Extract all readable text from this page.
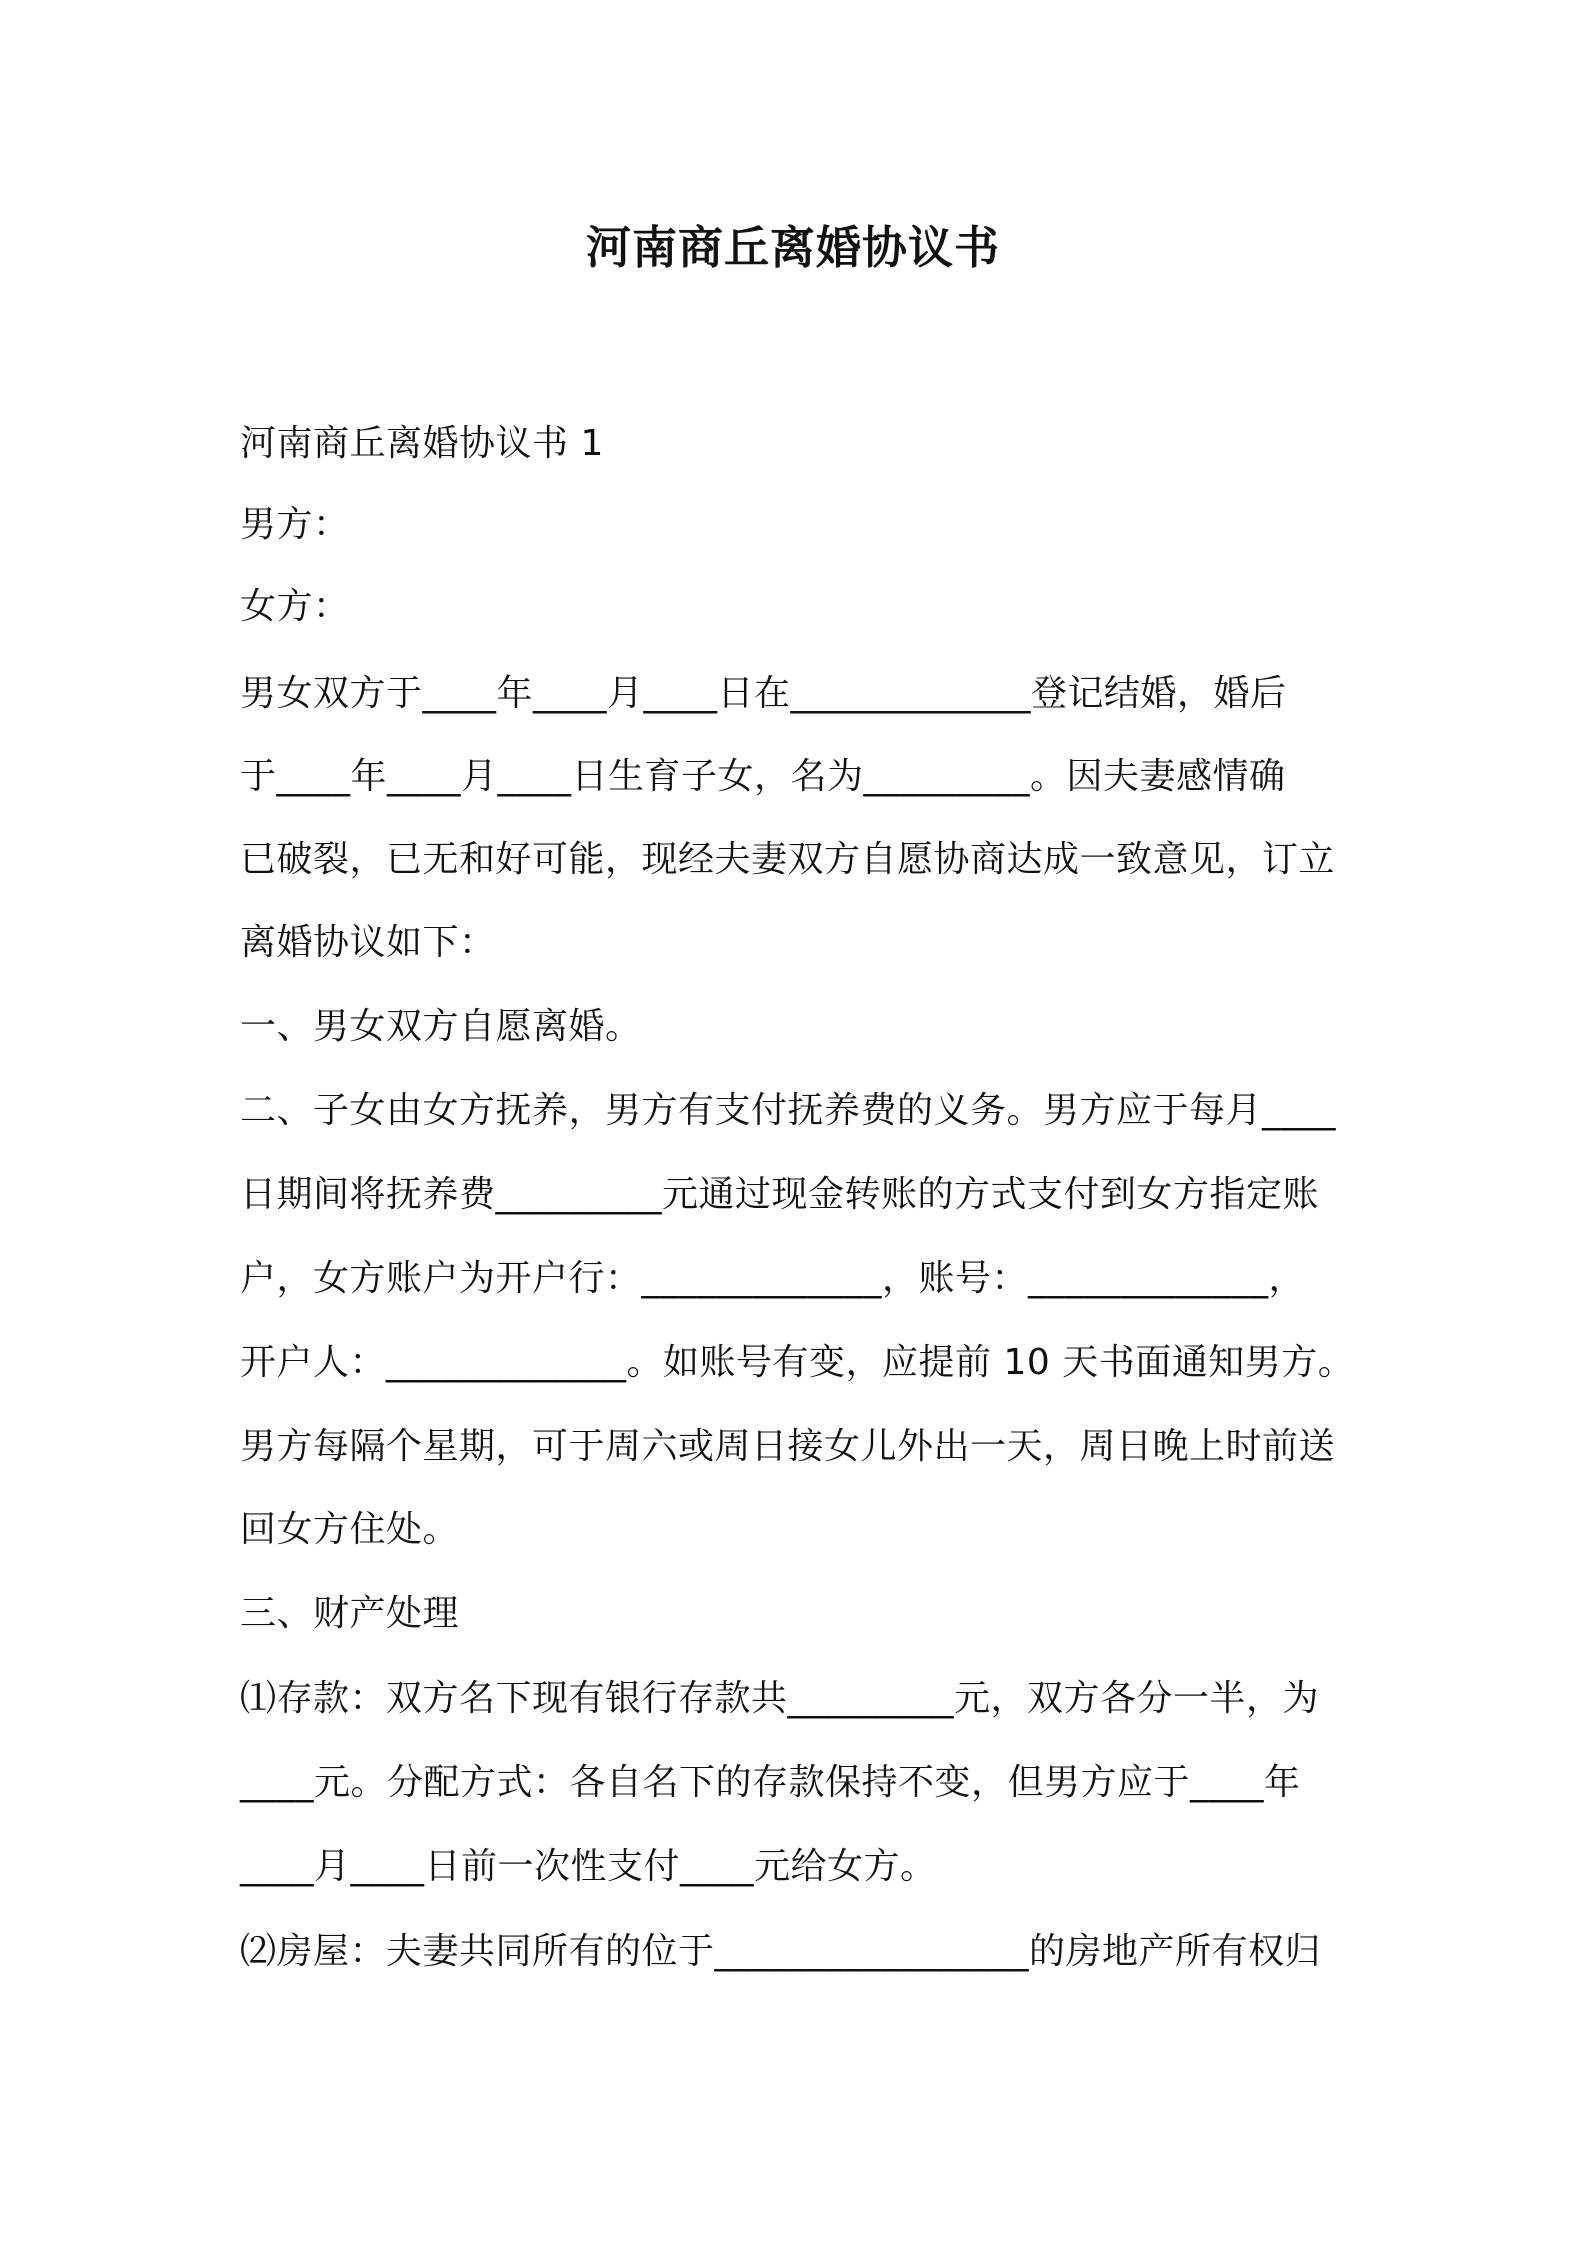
河南商丘离婚协议书
河南商丘离婚协议书 1
男方：
女方：
男女双方于____年____月____日在_____________登记结婚，婚后
于____年____月____日生育子女，名为_________。因夫妻感情确
已破裂，已无和好可能，现经夫妻双方自愿协商达成一致意见，订立
离婚协议如下：
一、男女双方自愿离婚。
二、子女由女方抚养，男方有支付抚养费的义务。男方应于每月____
日期间将抚养费_________元通过现金转账的方式支付到女方指定账
户，女方账户为开户行：_____________，账号：_____________，
开户人：_____________。如账号有变，应提前 10 天书面通知男方。
男方每隔个星期，可于周六或周日接女儿外出一天，周日晚上时前送
回女方住处。
三、财产处理
⑴存款：双方名下现有银行存款共_________元，双方各分一半，为
____元。分配方式：各自名下的存款保持不变，但男方应于____年
____月____日前一次性支付____元给女方。
⑵房屋：夫妻共同所有的位于_________________的房地产所有权归
